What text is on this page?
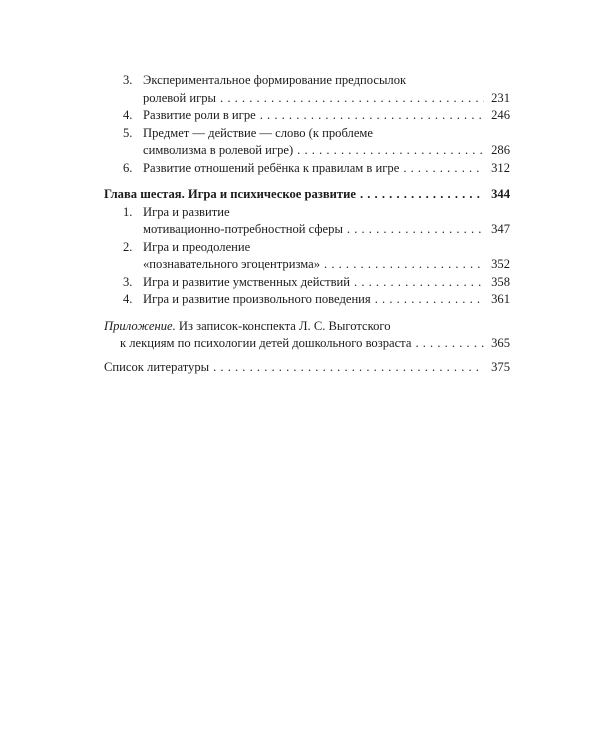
3. Экспериментальное формирование предпосылок
ролевой игры . . .	231
4. Развитие роли в игре . . .	246
5. Предмет — действие — слово (к проблеме
символизма в ролевой игре) . . .	286
6. Развитие отношений ребёнка к правилам в игре . . .	312
Глава шестая. Игра и психическое развитие . . .	344
1. Игра и развитие
мотивационно-потребностной сферы . . .	347
2. Игра и преодоление
«познавательного эгоцентризма» . . .	352
3. Игра и развитие умственных действий . . .	358
4. Игра и развитие произвольного поведения . . .	361
Приложение. Из записок-конспекта Л. С. Выготского
к лекциям по психологии детей дошкольного возраста . . .	365
Список литературы . . .	375
